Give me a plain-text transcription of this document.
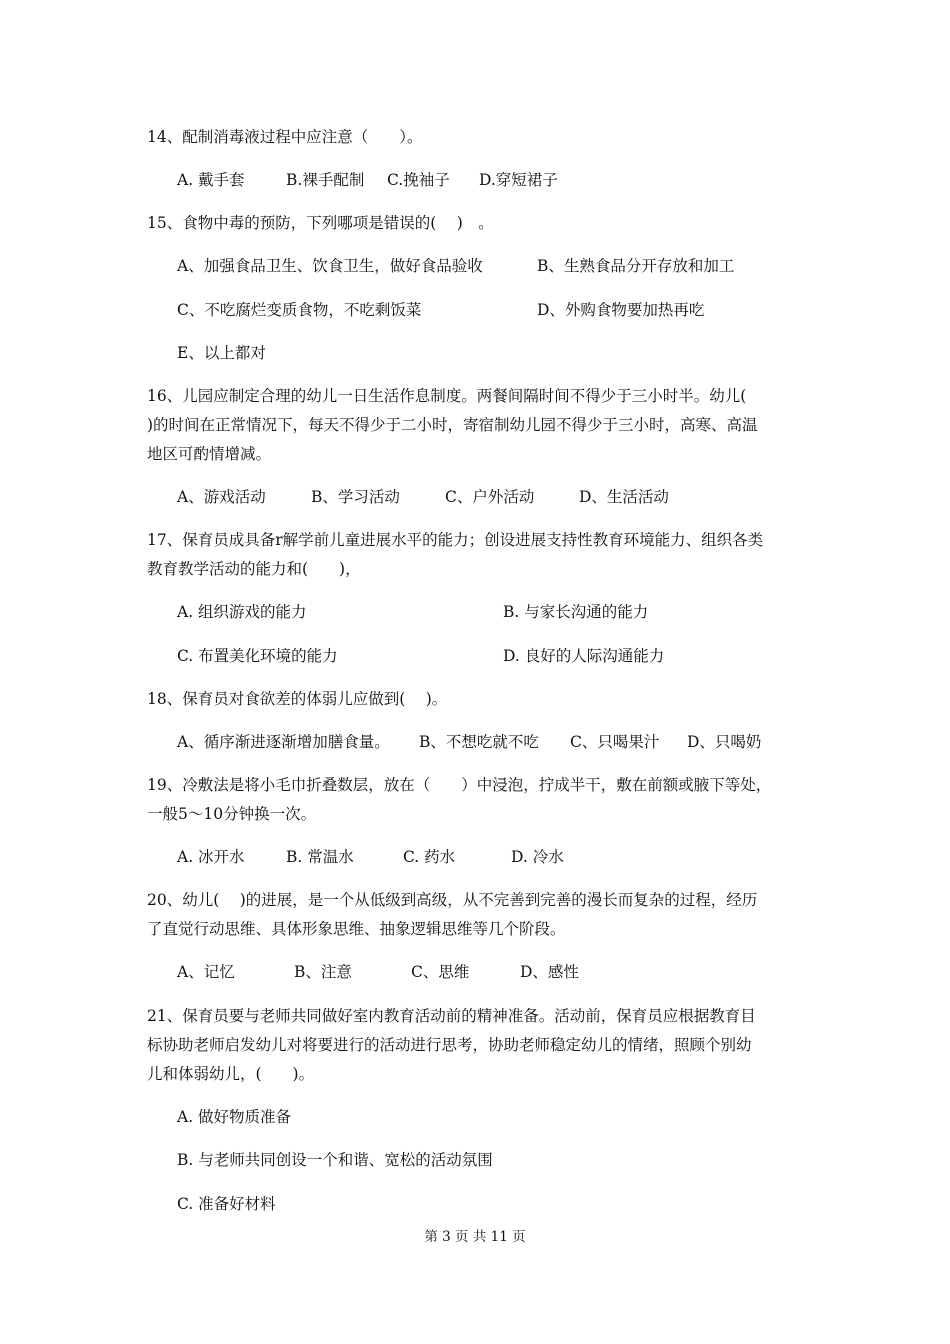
14、配制消毒液过程中应注意（　　）。
A. 戴手套	B.裸手配制 C.挽袖子 D.穿短裙子
15、食物中毒的预防，下列哪项是错误的(　 )　。
A、加强食品卫生、饮食卫生，做好食品验收	B、生熟食品分开存放和加工
C、不吃腐烂变质食物，不吃剩饭菜	D、外购食物要加热再吃
E、以上都对
16、儿园应制定合理的幼儿一日生活作息制度。两餐间隔时间不得少于三小时半。幼儿(
)的时间在正常情况下，每天不得少于二小时，寄宿制幼儿园不得少于三小时，高寒、高温
地区可酌情增减。
A、游戏活动	B、学习活动	C、户外活动	D、生活活动
17、保育员成具备r解学前儿童进展水平的能力；创设进展支持性教育环境能力、组织各类
教育教学活动的能力和(　　)，
A. 组织游戏的能力	B. 与家长沟通的能力
C. 布置美化环境的能力	D. 良好的人际沟通能力
18、保育员对食欲差的体弱儿应做到(　 )。
A、循序渐进逐渐增加膳食量。 B、不想吃就不吃 C、只喝果汁 D、只喝奶
19、冷敷法是将小毛巾折叠数层，放在（　　）中浸泡，拧成半干，敷在前额或腋下等处，
一般5～10分钟换一次。
A. 冰开水	B. 常温水	C. 药水	D. 冷水
20、幼儿(　 )的进展，是一个从低级到高级，从不完善到完善的漫长而复杂的过程，经历
了直觉行动思维、具体形象思维、抽象逻辑思维等几个阶段。
A、记忆	B、注意	C、思维	D、感性
21、保育员要与老师共同做好室内教育活动前的精神准备。活动前，保育员应根据教育目
标协助老师启发幼儿对将要进行的活动进行思考，协助老师稳定幼儿的情绪，照顾个别幼
儿和体弱幼儿，(　　)。
A. 做好物质准备
B. 与老师共同创设一个和谐、宽松的活动氛围
C. 准备好材料
第 3 页 共 11 页
